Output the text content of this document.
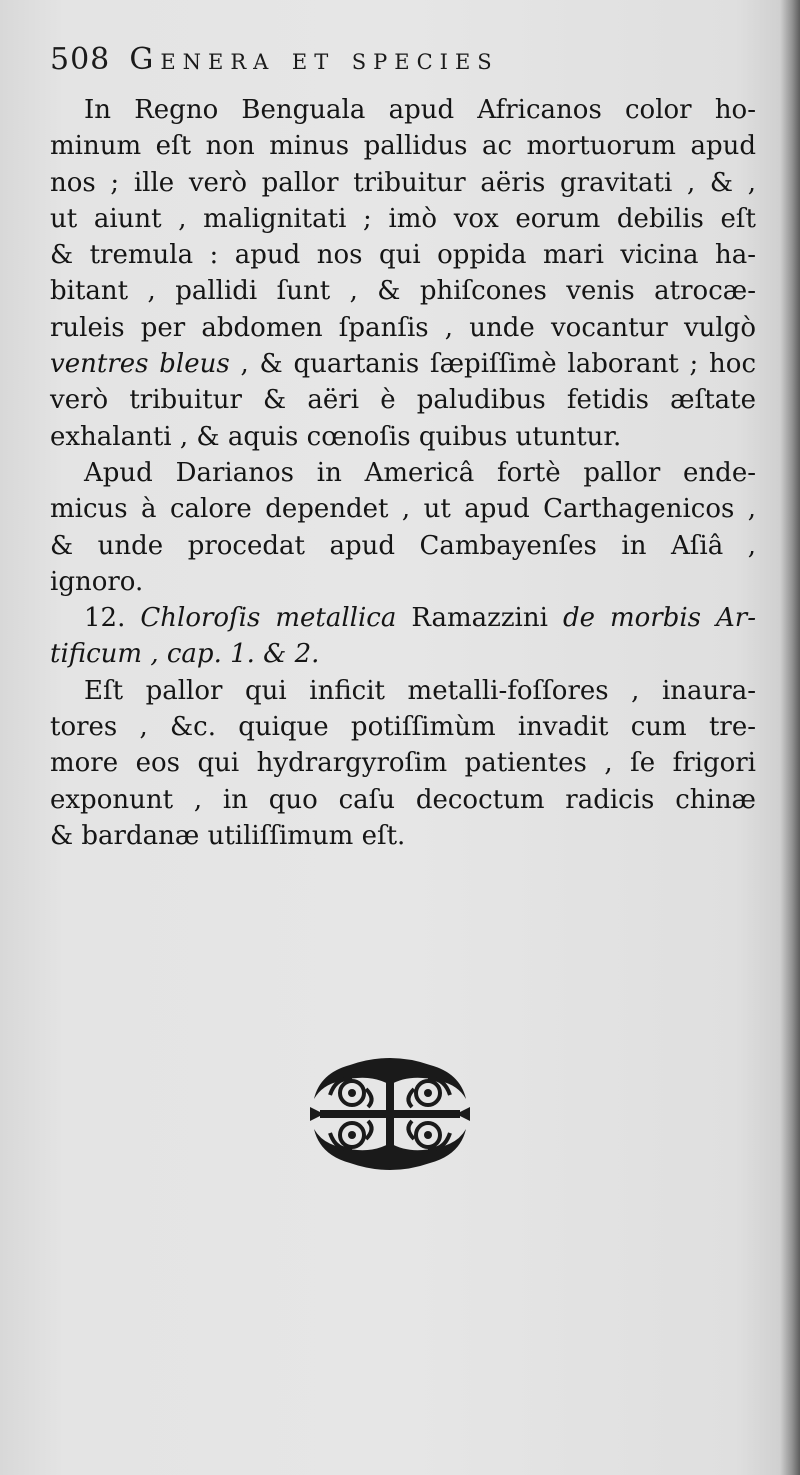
508 Genera et species

In Regno Benguala apud Africanos color ho-
minum eſt non minus pallidus ac mortuorum apud
nos ; ille verò pallor tribuitur aëris gravitati , & ,
ut aiunt , malignitati ; imò vox eorum debilis eſt
& tremula : apud nos qui oppida mari vicina ha-
bitant , pallidi ſunt , & phiſcones venis atrocæ-
ruleis per abdomen ſpanſis , unde vocantur vulgò
ventres bleus , & quartanis ſæpiſſimè laborant ; hoc
verò tribuitur & aëri è paludibus fetidis æſtate
exhalanti , & aquis cœnoſis quibus utuntur.

Apud Darianos in Americâ fortè pallor ende-
micus à calore dependet , ut apud Carthagenicos ,
& unde procedat apud Cambayenſes in Aſiâ ,
ignoro.

12. Chloroſis metallica Ramazzini de morbis Ar-
tificum , cap. 1. & 2.

Eſt pallor qui inficit metalli-foſſores , inaura-
tores , &c. quique potiſſimùm invadit cum tre-
more eos qui hydrargyroſim patientes , ſe frigori
exponunt , in quo caſu decoctum radicis chinæ
& bardanæ utiliſſimum eſt.
